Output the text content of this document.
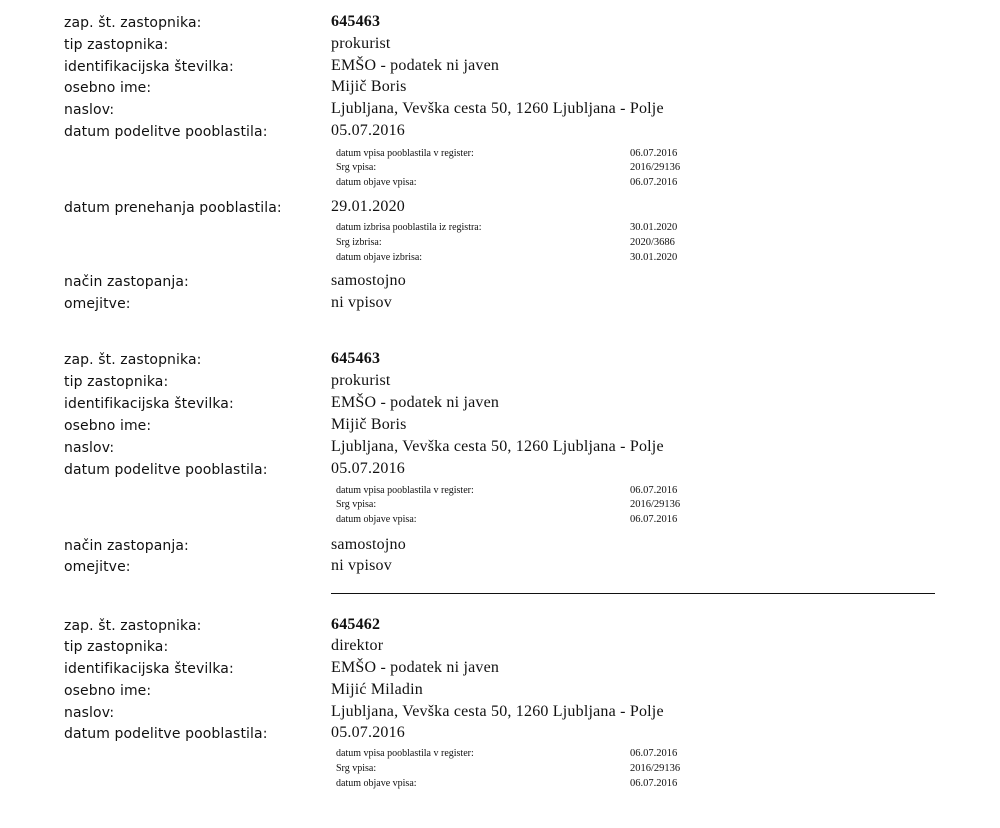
zap. št. zastopnika:	645463
tip zastopnika:	prokurist
identifikacijska številka:	EMŠO - podatek ni javen
osebno ime:	Mijič Boris
naslov:	Ljubljana, Vevška cesta 50, 1260 Ljubljana - Polje
datum podelitve pooblastila:	05.07.2016
datum vpisa pooblastila v register:	06.07.2016
Srg vpisa:	2016/29136
datum objave vpisa:	06.07.2016
datum prenehanja pooblastila:	29.01.2020
datum izbrisa pooblastila iz registra:	30.01.2020
Srg izbrisa:	2020/3686
datum objave izbrisa:	30.01.2020
način zastopanja:	samostojno
omejitve:	ni vpisov
zap. št. zastopnika:	645463
tip zastopnika:	prokurist
identifikacijska številka:	EMŠO - podatek ni javen
osebno ime:	Mijič Boris
naslov:	Ljubljana, Vevška cesta 50, 1260 Ljubljana - Polje
datum podelitve pooblastila:	05.07.2016
datum vpisa pooblastila v register:	06.07.2016
Srg vpisa:	2016/29136
datum objave vpisa:	06.07.2016
način zastopanja:	samostojno
omejitve:	ni vpisov
zap. št. zastopnika:	645462
tip zastopnika:	direktor
identifikacijska številka:	EMŠO - podatek ni javen
osebno ime:	Mijić Miladin
naslov:	Ljubljana, Vevška cesta 50, 1260 Ljubljana - Polje
datum podelitve pooblastila:	05.07.2016
datum vpisa pooblastila v register:	06.07.2016
Srg vpisa:	2016/29136
datum objave vpisa:	06.07.2016
